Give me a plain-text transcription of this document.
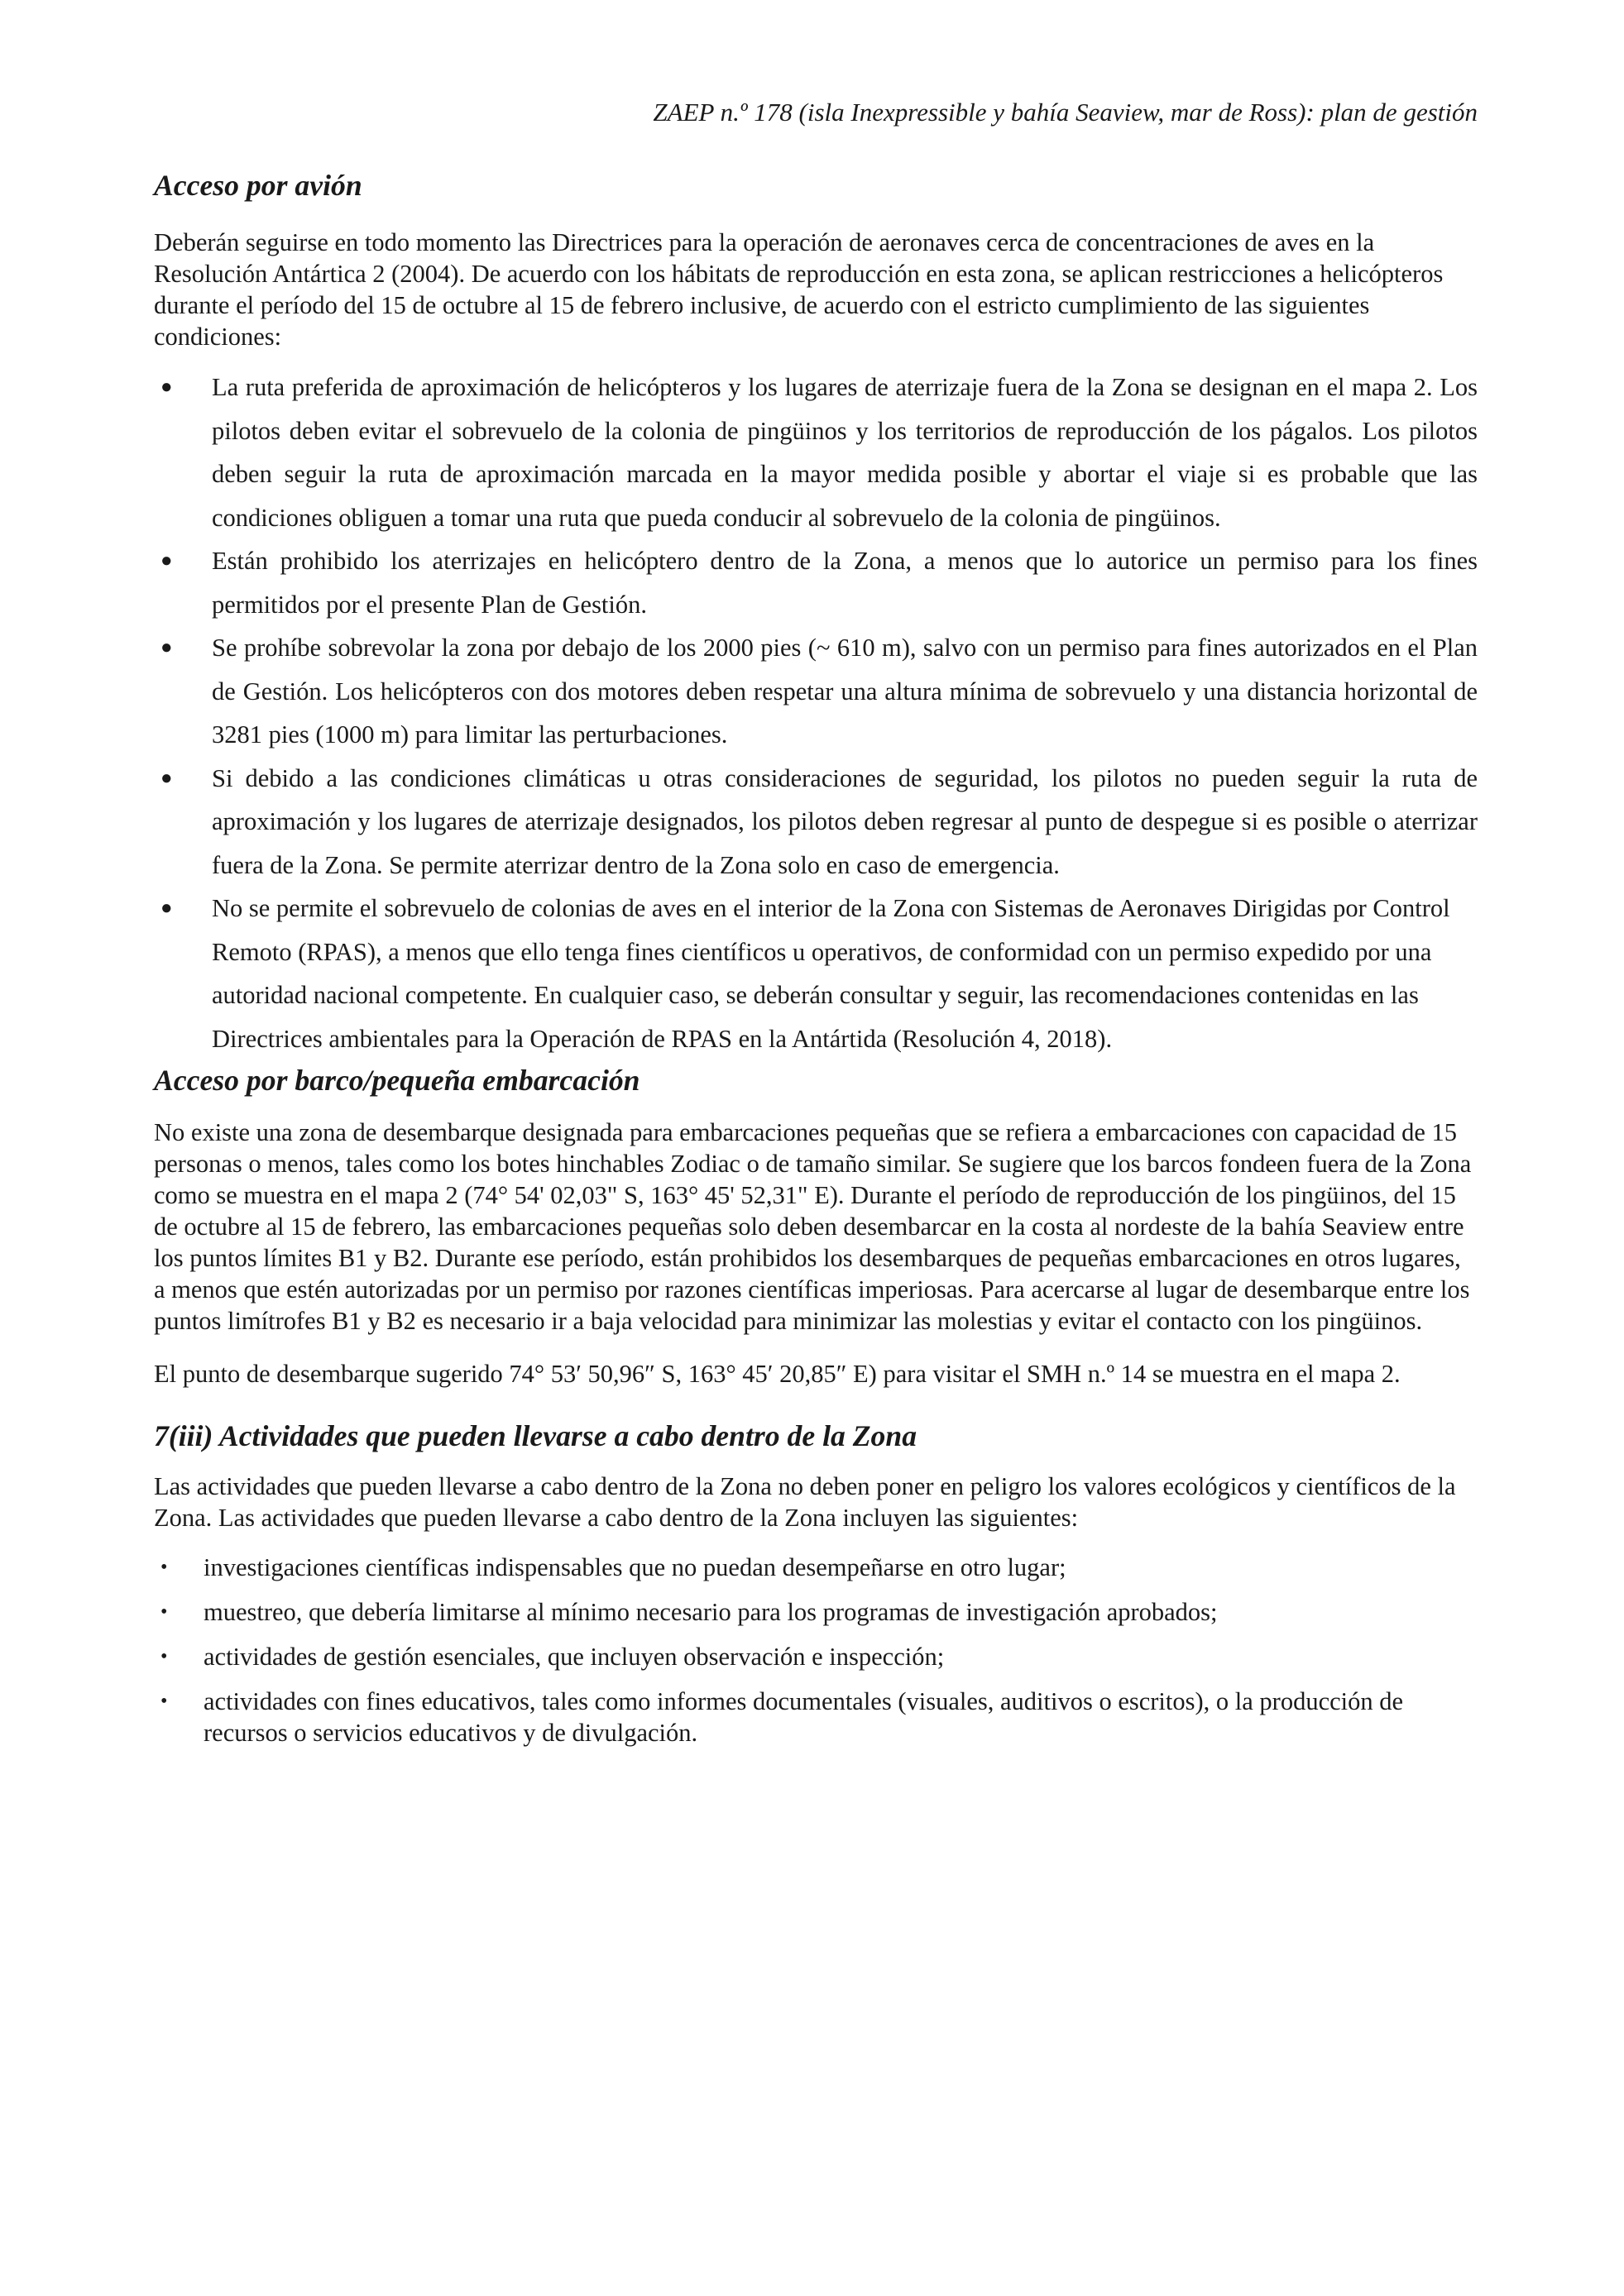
ZAEP n.º 178 (isla Inexpressible y bahía Seaview, mar de Ross): plan de gestión
Acceso por avión

Deberán seguirse en todo momento las Directrices para la operación de aeronaves cerca de concentraciones de aves en la Resolución Antártica 2 (2004). De acuerdo con los hábitats de reproducción en esta zona, se aplican restricciones a helicópteros durante el período del 15 de octubre al 15 de febrero inclusive, de acuerdo con el estricto cumplimiento de las siguientes condiciones:

● La ruta preferida de aproximación de helicópteros y los lugares de aterrizaje fuera de la Zona se designan en el mapa 2. Los pilotos deben evitar el sobrevuelo de la colonia de pingüinos y los territorios de reproducción de los págalos. Los pilotos deben seguir la ruta de aproximación marcada en la mayor medida posible y abortar el viaje si es probable que las condiciones obliguen a tomar una ruta que pueda conducir al sobrevuelo de la colonia de pingüinos.
● Están prohibido los aterrizajes en helicóptero dentro de la Zona, a menos que lo autorice un permiso para los fines permitidos por el presente Plan de Gestión.
● Se prohíbe sobrevolar la zona por debajo de los 2000 pies (~ 610 m), salvo con un permiso para fines autorizados en el Plan de Gestión. Los helicópteros con dos motores deben respetar una altura mínima de sobrevuelo y una distancia horizontal de 3281 pies (1000 m) para limitar las perturbaciones.
● Si debido a las condiciones climáticas u otras consideraciones de seguridad, los pilotos no pueden seguir la ruta de aproximación y los lugares de aterrizaje designados, los pilotos deben regresar al punto de despegue si es posible o aterrizar fuera de la Zona. Se permite aterrizar dentro de la Zona solo en caso de emergencia.
● No se permite el sobrevuelo de colonias de aves en el interior de la Zona con Sistemas de Aeronaves Dirigidas por Control Remoto (RPAS), a menos que ello tenga fines científicos u operativos, de conformidad con un permiso expedido por una autoridad nacional competente. En cualquier caso, se deberán consultar y seguir, las recomendaciones contenidas en las Directrices ambientales para la Operación de RPAS en la Antártida (Resolución 4, 2018).
Acceso por barco/pequeña embarcación

No existe una zona de desembarque designada para embarcaciones pequeñas que se refiera a embarcaciones con capacidad de 15 personas o menos, tales como los botes hinchables Zodiac o de tamaño similar. Se sugiere que los barcos fondeen fuera de la Zona como se muestra en el mapa 2 (74° 54' 02,03" S, 163° 45' 52,31" E). Durante el período de reproducción de los pingüinos, del 15 de octubre al 15 de febrero, las embarcaciones pequeñas solo deben desembarcar en la costa al nordeste de la bahía Seaview entre los puntos límites B1 y B2. Durante ese período, están prohibidos los desembarques de pequeñas embarcaciones en otros lugares, a menos que estén autorizadas por un permiso por razones científicas imperiosas. Para acercarse al lugar de desembarque entre los puntos limítrofes B1 y B2 es necesario ir a baja velocidad para minimizar las molestias y evitar el contacto con los pingüinos.

El punto de desembarque sugerido 74° 53′ 50,96″ S, 163° 45′ 20,85″ E) para visitar el SMH n.º 14 se muestra en el mapa 2.

7(iii) Actividades que pueden llevarse a cabo dentro de la Zona

Las actividades que pueden llevarse a cabo dentro de la Zona no deben poner en peligro los valores ecológicos y científicos de la Zona. Las actividades que pueden llevarse a cabo dentro de la Zona incluyen las siguientes:

• investigaciones científicas indispensables que no puedan desempeñarse en otro lugar;
• muestreo, que debería limitarse al mínimo necesario para los programas de investigación aprobados;
• actividades de gestión esenciales, que incluyen observación e inspección;
• actividades con fines educativos, tales como informes documentales (visuales, auditivos o escritos), o la producción de recursos o servicios educativos y de divulgación.
